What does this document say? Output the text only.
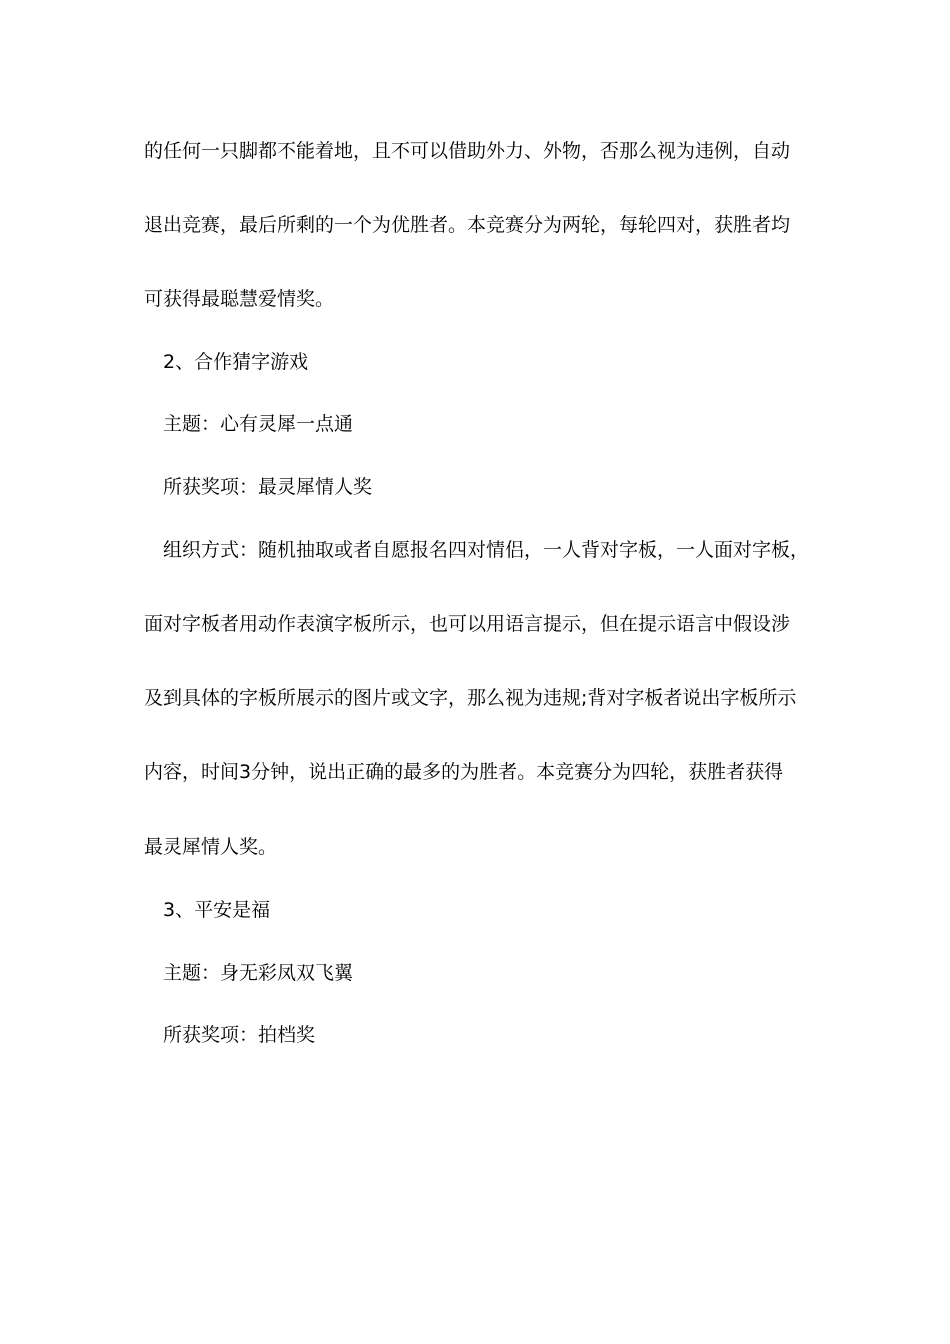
的任何一只脚都不能着地，且不可以借助外力、外物，否那么视为违例，自动
退出竞赛，最后所剩的一个为优胜者。本竞赛分为两轮，每轮四对，获胜者均
可获得最聪慧爱情奖。
2、合作猜字游戏
主题：心有灵犀一点通
所获奖项：最灵犀情人奖
组织方式：随机抽取或者自愿报名四对情侣，一人背对字板，一人面对字板，
面对字板者用动作表演字板所示，也可以用语言提示，但在提示语言中假设涉
及到具体的字板所展示的图片或文字，那么视为违规;背对字板者说出字板所示
内容，时间3分钟，说出正确的最多的为胜者。本竞赛分为四轮，获胜者获得
最灵犀情人奖。
3、平安是福
主题：身无彩凤双飞翼
所获奖项：拍档奖
